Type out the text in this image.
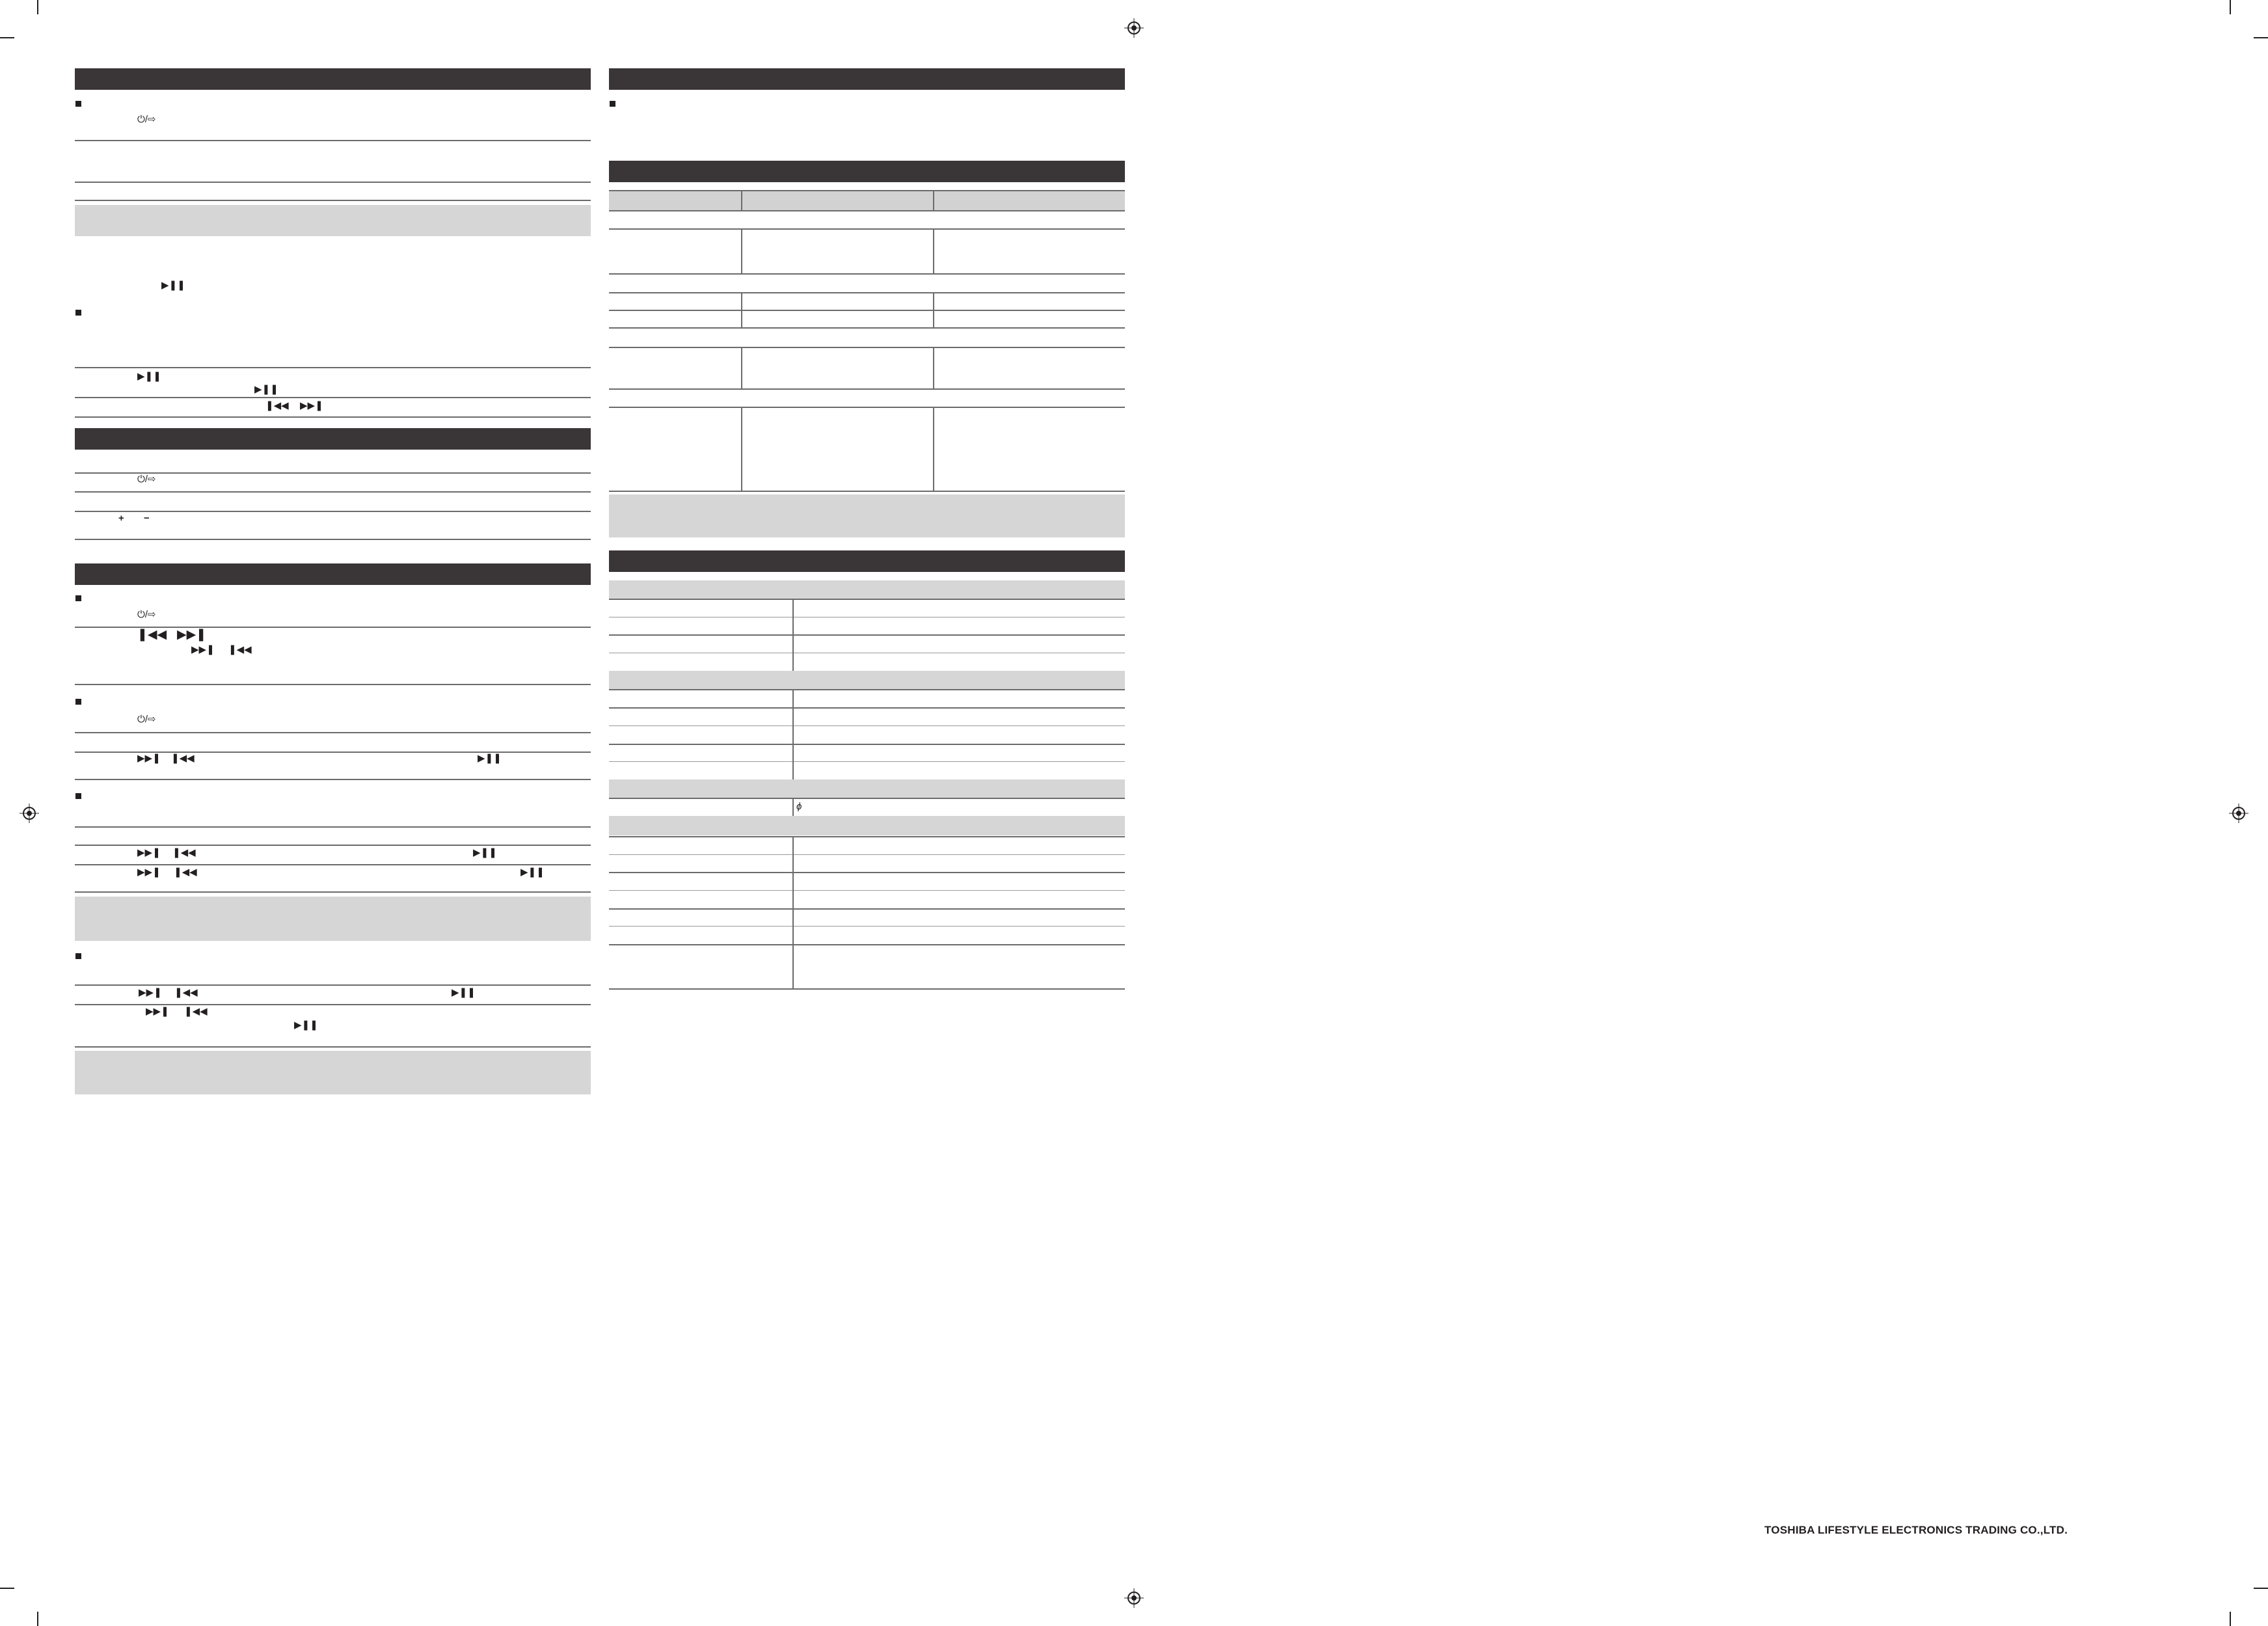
⏻/⇨
▶❚❚
▶❚❚
▶❚❚
❚◀◀ ▶▶❚
⏻/⇨
+ −
⏻/⇨
❚◀◀ ▶▶❚
▶▶❚ ❚◀◀
⏻/⇨
▶▶❚ ❚◀◀	▶❚❚
▶▶❚ ❚◀◀	▶❚❚
▶▶❚ ❚◀◀	▶❚❚
▶▶❚ ❚◀◀	▶❚❚
▶▶❚ ❚◀◀
▶❚❚
ϕ
TOSHIBA LIFESTYLE ELECTRONICS TRADING CO.,LTD.
